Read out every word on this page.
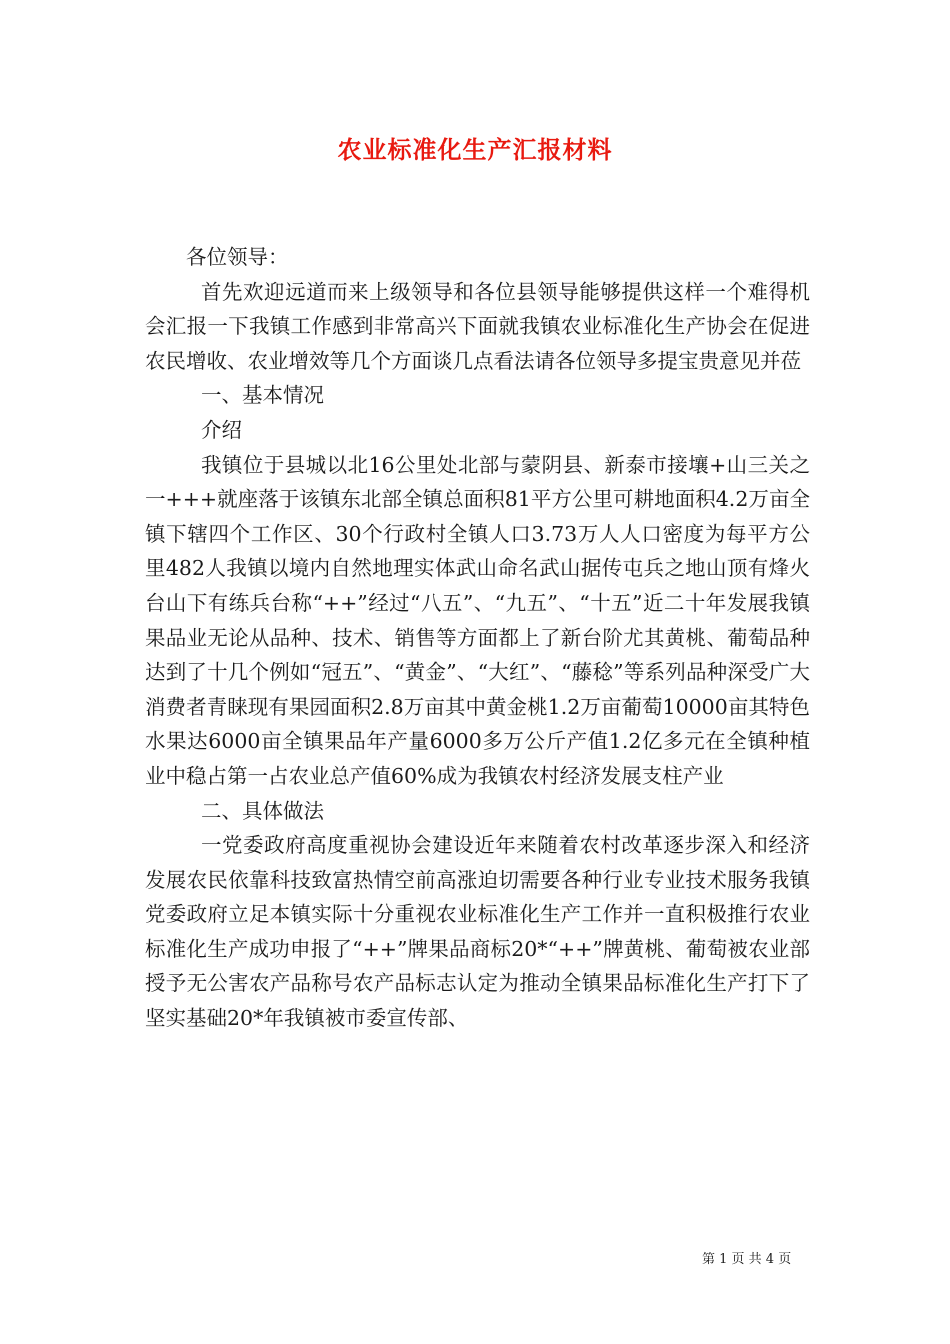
农业标准化生产汇报材料

各位领导：

首先欢迎远道而来上级领导和各位县领导能够提供这样一个难得机会汇报一下我镇工作感到非常高兴下面就我镇农业标准化生产协会在促进农民增收、农业增效等几个方面谈几点看法请各位领导多提宝贵意见并莅

一、基本情况

介绍

我镇位于县城以北16公里处北部与蒙阴县、新泰市接壤+山三关之一+++就座落于该镇东北部全镇总面积81平方公里可耕地面积4.2万亩全镇下辖四个工作区、30个行政村全镇人口3.73万人人口密度为每平方公里482人我镇以境内自然地理实体武山命名武山据传屯兵之地山顶有烽火台山下有练兵台称“++”经过“八五”、“九五”、“十五”近二十年发展我镇果品业无论从品种、技术、销售等方面都上了新台阶尤其黄桃、葡萄品种达到了十几个例如“冠五”、“黄金”、“大红”、“藤稔”等系列品种深受广大消费者青睐现有果园面积2.8万亩其中黄金桃1.2万亩葡萄10000亩其特色水果达6000亩全镇果品年产量6000多万公斤产值1.2亿多元在全镇种植业中稳占第一占农业总产值60%成为我镇农村经济发展支柱产业

二、具体做法

一党委政府高度重视协会建设近年来随着农村改革逐步深入和经济发展农民依靠科技致富热情空前高涨迫切需要各种行业专业技术服务我镇党委政府立足本镇实际十分重视农业标准化生产工作并一直积极推行农业标准化生产成功申报了“++”牌果品商标20*“++”牌黄桃、葡萄被农业部授予无公害农产品称号农产品标志认定为推动全镇果品标准化生产打下了坚实基础20*年我镇被市委宣传部、

第 1 页 共 4 页
